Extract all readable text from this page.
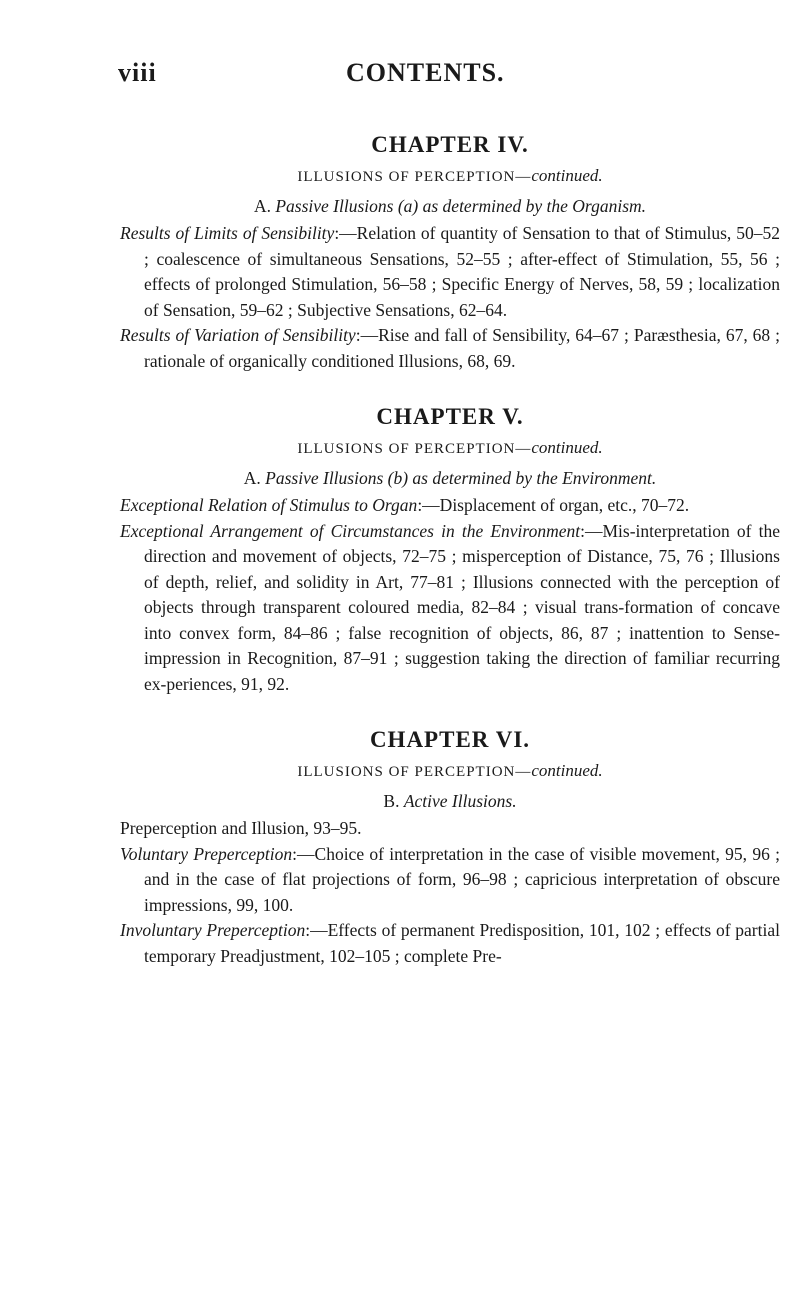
viii	CONTENTS.
CHAPTER IV.

ILLUSIONS OF PERCEPTION—continued.

A. Passive Illusions (a) as determined by the Organism.

Results of Limits of Sensibility:—Relation of quantity of Sensation to that of Stimulus, 50–52 ; coalescence of simultaneous Sensations, 52–55 ; after-effect of Stimulation, 55, 56 ; effects of prolonged Stimulation, 56–58 ; Specific Energy of Nerves, 58, 59 ; localization of Sensation, 59–62 ; Subjective Sensations, 62–64.

Results of Variation of Sensibility:—Rise and fall of Sensibility, 64–67 ; Paræsthesia, 67, 68 ; rationale of organically conditioned Illusions, 68, 69.

CHAPTER V.

ILLUSIONS OF PERCEPTION—continued.

A. Passive Illusions (b) as determined by the Environment.

Exceptional Relation of Stimulus to Organ:—Displacement of organ, etc., 70–72.

Exceptional Arrangement of Circumstances in the Environment:—Mis-interpretation of the direction and movement of objects, 72–75 ; misperception of Distance, 75, 76 ; Illusions of depth, relief, and solidity in Art, 77–81 ; Illusions connected with the perception of objects through transparent coloured media, 82–84 ; visual trans-formation of concave into convex form, 84–86 ; false recognition of objects, 86, 87 ; inattention to Sense-impression in Recognition, 87–91 ; suggestion taking the direction of familiar recurring ex-periences, 91, 92.

CHAPTER VI.

ILLUSIONS OF PERCEPTION—continued.

B. Active Illusions.

Preperception and Illusion, 93–95.

Voluntary Preperception:—Choice of interpretation in the case of visible movement, 95, 96 ; and in the case of flat projections of form, 96–98 ; capricious interpretation of obscure impressions, 99, 100.

Involuntary Preperception:—Effects of permanent Predisposition, 101, 102 ; effects of partial temporary Preadjustment, 102–105 ; complete Pre-
